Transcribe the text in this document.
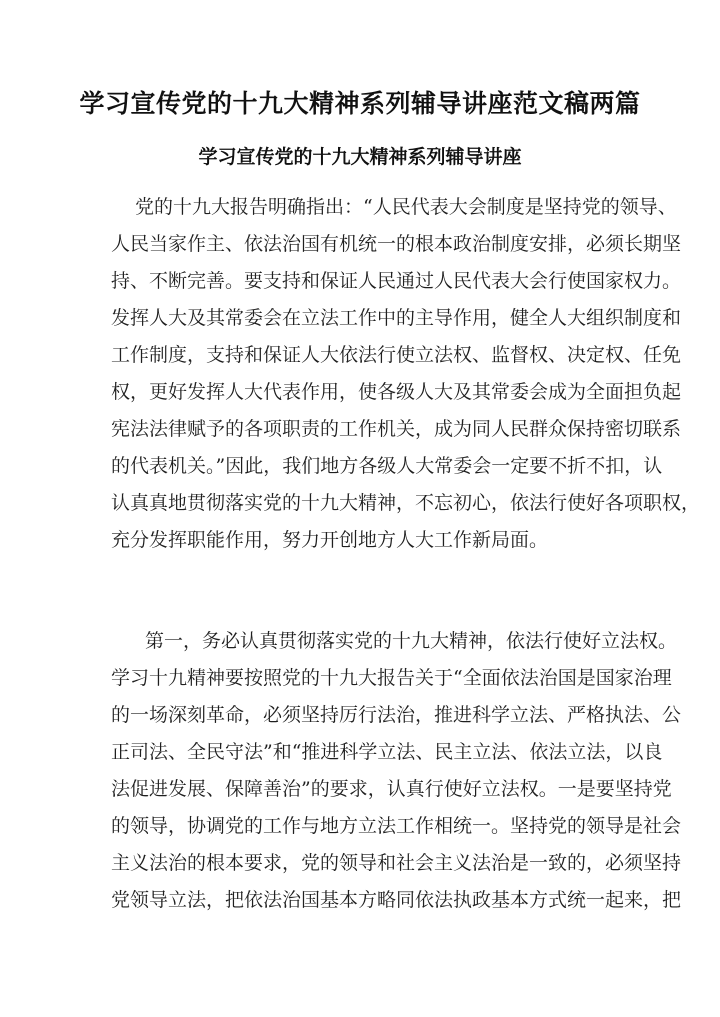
学习宣传党的十九大精神系列辅导讲座范文稿两篇
学习宣传党的十九大精神系列辅导讲座
党的十九大报告明确指出：“人民代表大会制度是坚持党的领导、
人民当家作主、依法治国有机统一的根本政治制度安排，必须长期坚
持、不断完善。要支持和保证人民通过人民代表大会行使国家权力。
发挥人大及其常委会在立法工作中的主导作用，健全人大组织制度和
工作制度，支持和保证人大依法行使立法权、监督权、决定权、任免
权，更好发挥人大代表作用，使各级人大及其常委会成为全面担负起
宪法法律赋予的各项职责的工作机关，成为同人民群众保持密切联系
的代表机关。”因此，我们地方各级人大常委会一定要不折不扣，认
认真真地贯彻落实党的十九大精神，不忘初心，依法行使好各项职权，
充分发挥职能作用，努力开创地方人大工作新局面。
第一，务必认真贯彻落实党的十九大精神，依法行使好立法权。
学习十九精神要按照党的十九大报告关于“全面依法治国是国家治理
的一场深刻革命，必须坚持厉行法治，推进科学立法、严格执法、公
正司法、全民守法”和“推进科学立法、民主立法、依法立法，以良
法促进发展、保障善治”的要求，认真行使好立法权。一是要坚持党
的领导，协调党的工作与地方立法工作相统一。坚持党的领导是社会
主义法治的根本要求，党的领导和社会主义法治是一致的，必须坚持
党领导立法，把依法治国基本方略同依法执政基本方式统一起来，把
